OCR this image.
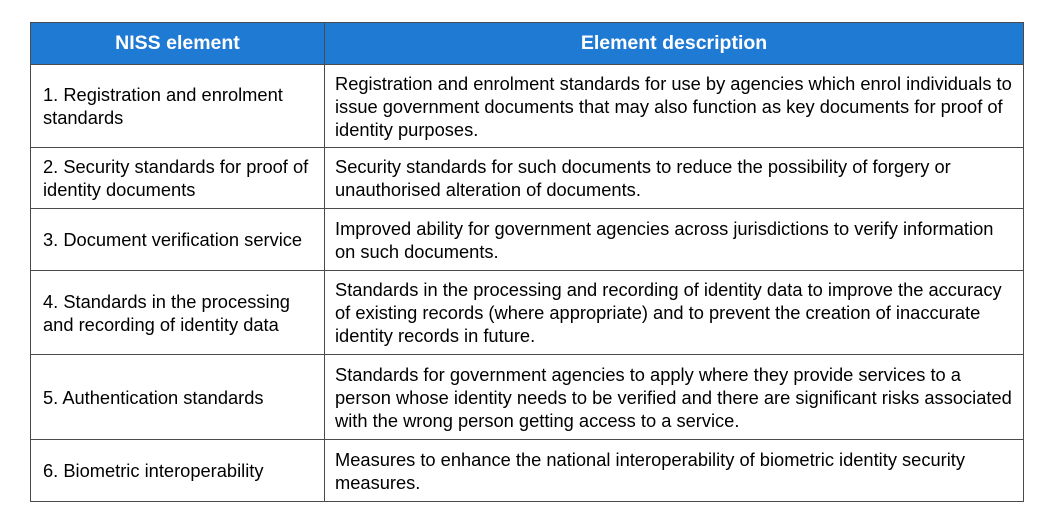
NISS element	Element description
1. Registration and enrolment standards	Registration and enrolment standards for use by agencies which enrol individuals to issue government documents that may also function as key documents for proof of identity purposes.
2. Security standards for proof of identity documents	Security standards for such documents to reduce the possibility of forgery or unauthorised alteration of documents.
3. Document verification service	Improved ability for government agencies across jurisdictions to verify information on such documents.
4. Standards in the processing and recording of identity data	Standards in the processing and recording of identity data to improve the accuracy of existing records (where appropriate) and to prevent the creation of inaccurate identity records in future.
5. Authentication standards	Standards for government agencies to apply where they provide services to a person whose identity needs to be verified and there are significant risks associated with the wrong person getting access to a service.
6. Biometric interoperability	Measures to enhance the national interoperability of biometric identity security measures.
